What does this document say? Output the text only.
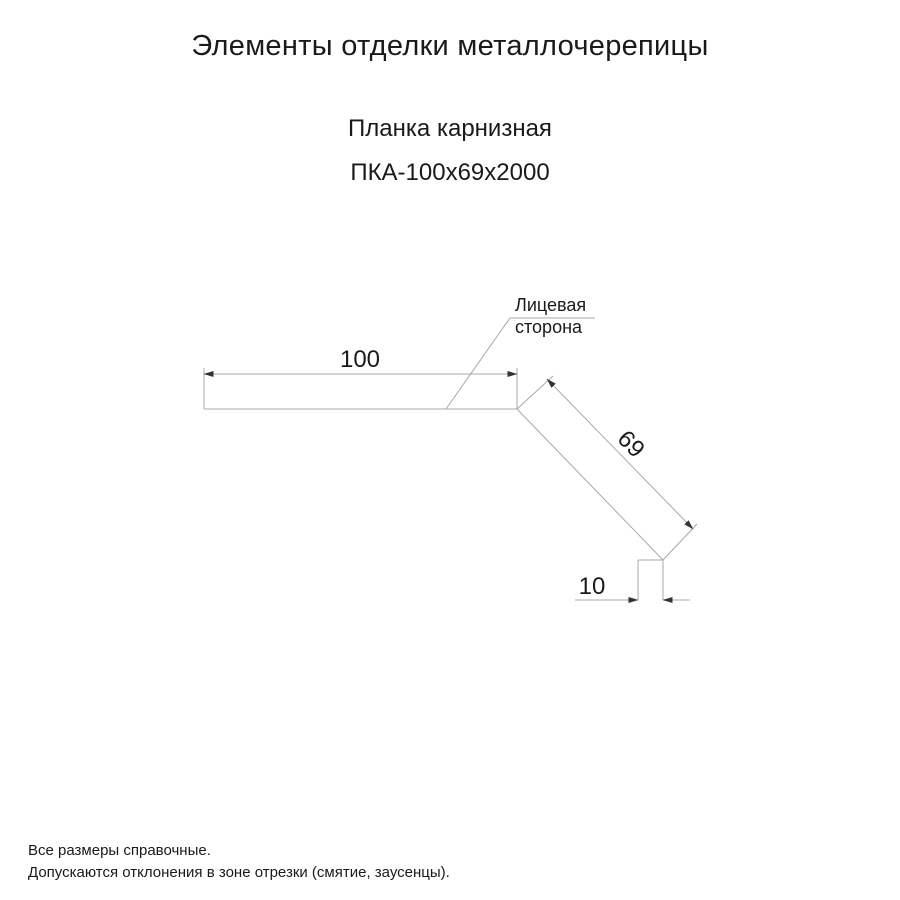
Элементы отделки металлочерепицы
Планка карнизная
ПКА-100х69х2000
100
69
10
Лицевая
сторона
Все размеры справочные.
Допускаются отклонения в зоне отрезки (смятие, заусенцы).
